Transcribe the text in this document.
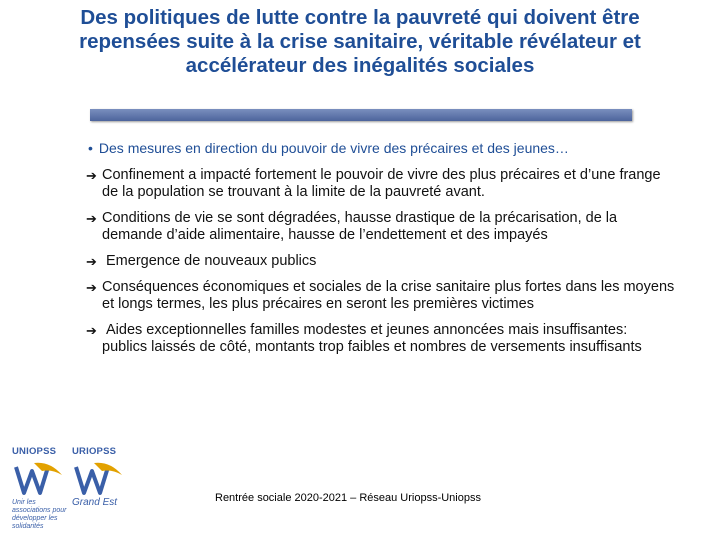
Des politiques de lutte contre la pauvreté qui doivent être repensées suite à la crise sanitaire, véritable révélateur et accélérateur des inégalités sociales
• Des mesures en direction du pouvoir de vivre des précaires et des jeunes…
➔ Confinement a impacté fortement le pouvoir de vivre des plus précaires et d’une frange de la population se trouvant à la limite de la pauvreté avant.
➔ Conditions de vie se sont dégradées, hausse drastique de la précarisation, de la demande d’aide alimentaire, hausse de l’endettement et des impayés
➔ Emergence de nouveaux publics
➔ Conséquences économiques et sociales de la crise sanitaire plus fortes dans les moyens et longs termes, les plus précaires en seront les premières victimes
➔ Aides exceptionnelles familles modestes et jeunes annoncées mais insuffisantes: publics laissés de côté, montants trop faibles et nombres de versements insuffisants
UNIOPSS
Unir les associations pour développer les solidarités
URIOPSS
Grand Est	Rentrée sociale 2020-2021 – Réseau Uriopss-Uniopss
